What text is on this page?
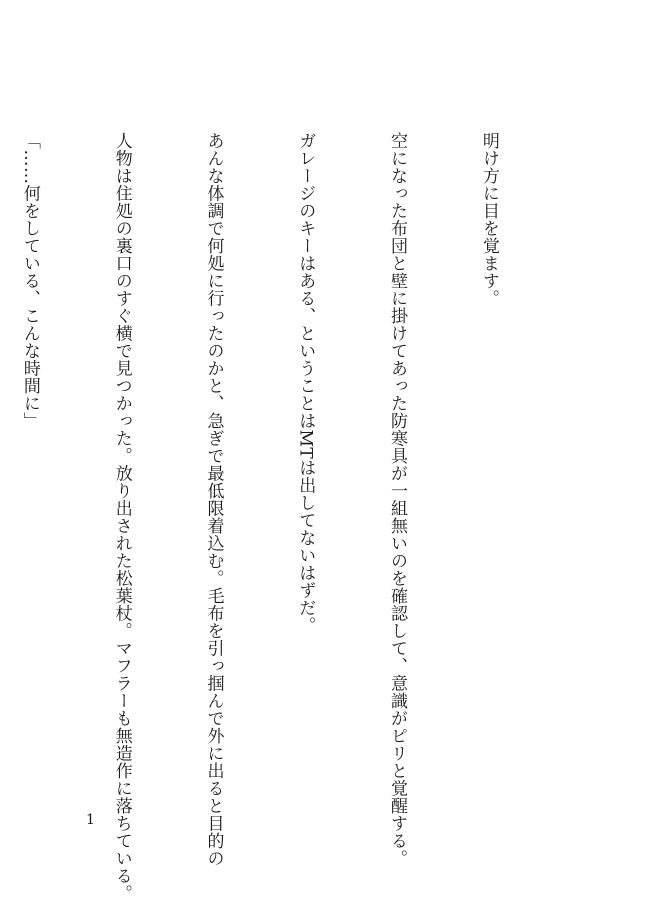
明け方に目を覚ます。

空になった布団と壁に掛けてあった防寒具が一組無いのを確認して、意識がピリと覚醒する。

ガレージのキーはある、ということはMTは出してないはずだ。

あんな体調で何処に行ったのかと、急ぎで最低限着込む。毛布を引っ掴んで外に出ると目的の

人物は住処の裏口のすぐ横で見つかった。放り出された松葉杖。マフラーも無造作に落ちている。

「……何をしている、こんな時間に」

1
